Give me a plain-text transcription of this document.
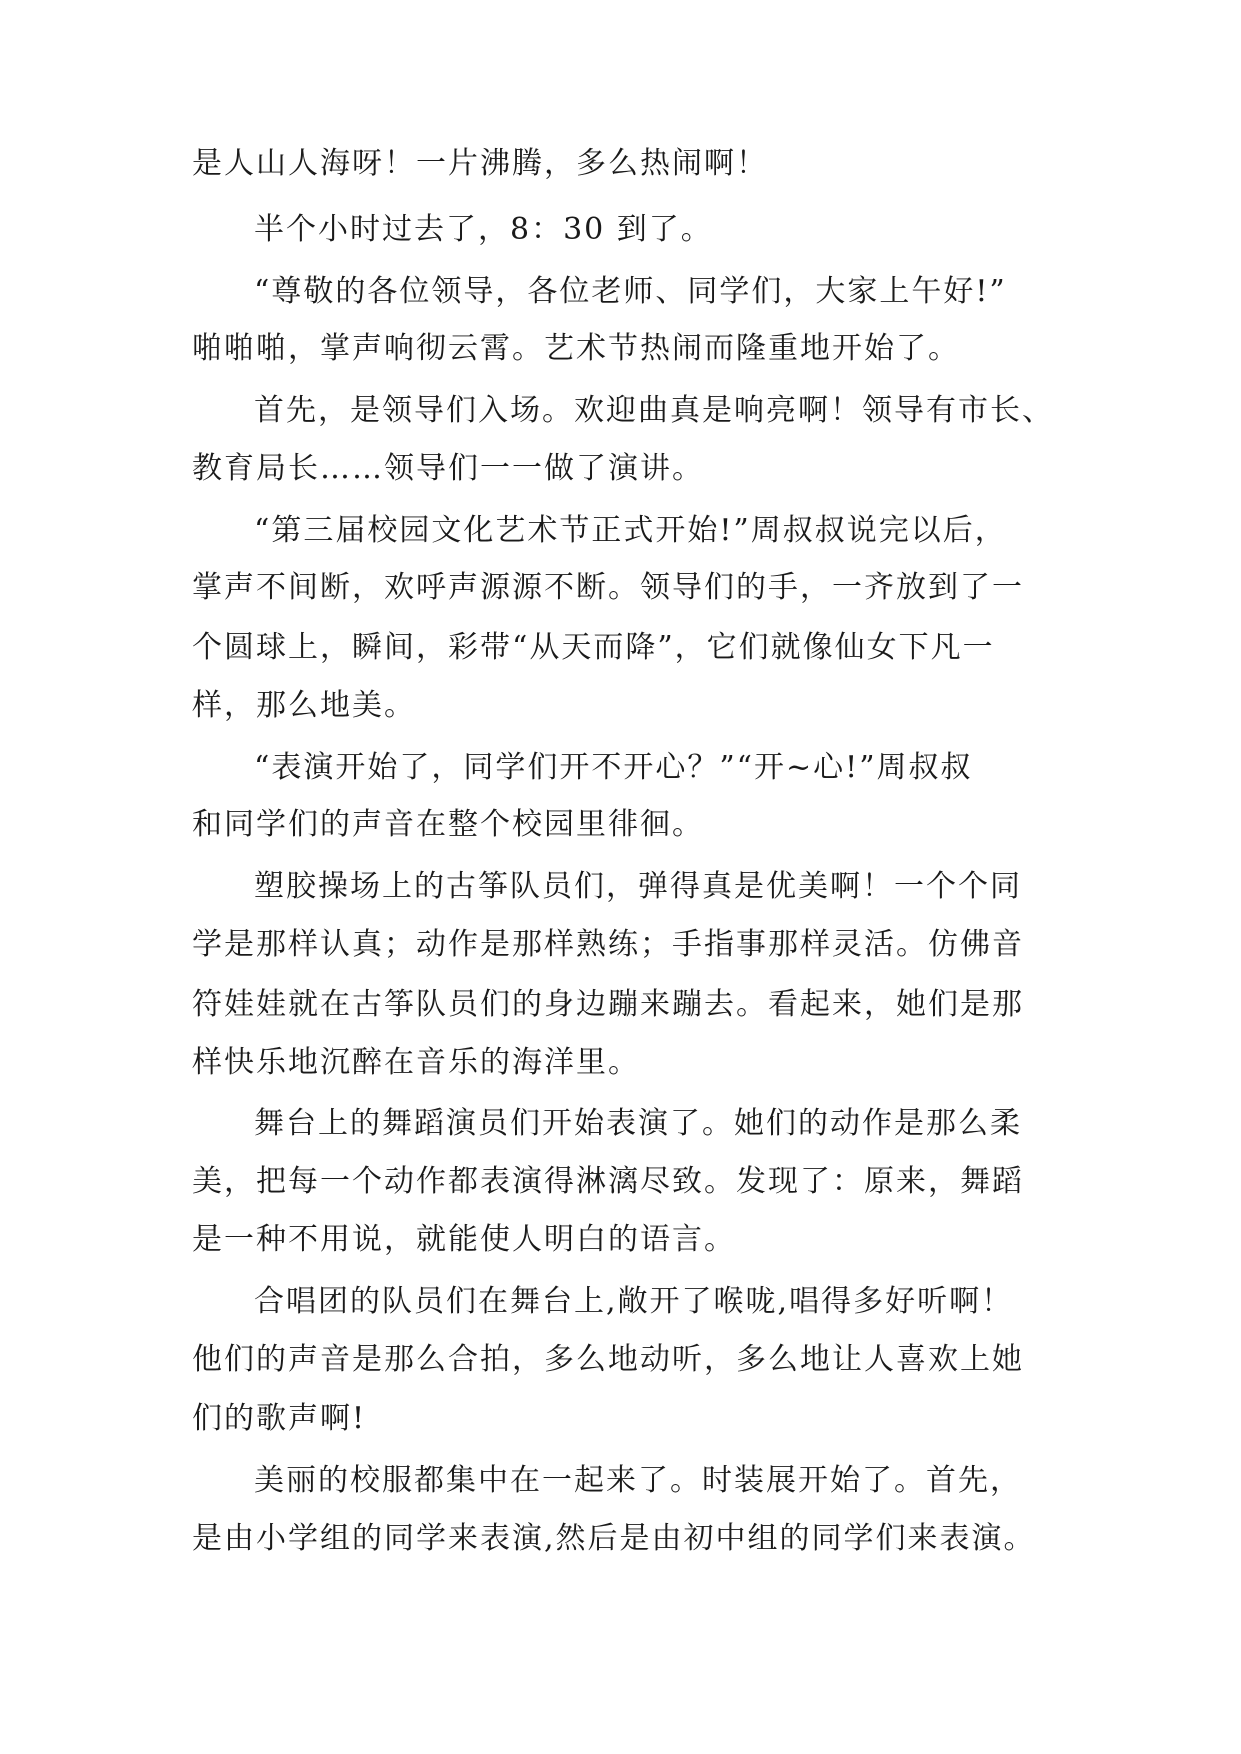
是人山人海呀！一片沸腾，多么热闹啊！
半个小时过去了，8：30 到了。
“尊敬的各位领导，各位老师、同学们，大家上午好!”
啪啪啪，掌声响彻云霄。艺术节热闹而隆重地开始了。
首先，是领导们入场。欢迎曲真是响亮啊！领导有市长、
教育局长……领导们一一做了演讲。
“第三届校园文化艺术节正式开始!”周叔叔说完以后，
掌声不间断，欢呼声源源不断。领导们的手，一齐放到了一
个圆球上，瞬间，彩带“从天而降”，它们就像仙女下凡一
样，那么地美。
“表演开始了，同学们开不开心？”“开~心!”周叔叔
和同学们的声音在整个校园里徘徊。
塑胶操场上的古筝队员们，弹得真是优美啊！一个个同
学是那样认真；动作是那样熟练；手指事那样灵活。仿佛音
符娃娃就在古筝队员们的身边蹦来蹦去。看起来，她们是那
样快乐地沉醉在音乐的海洋里。
舞台上的舞蹈演员们开始表演了。她们的动作是那么柔
美，把每一个动作都表演得淋漓尽致。发现了：原来，舞蹈
是一种不用说，就能使人明白的语言。
合唱团的队员们在舞台上,敞开了喉咙,唱得多好听啊！
他们的声音是那么合拍，多么地动听，多么地让人喜欢上她
们的歌声啊!
美丽的校服都集中在一起来了。时装展开始了。首先，
是由小学组的同学来表演,然后是由初中组的同学们来表演。
